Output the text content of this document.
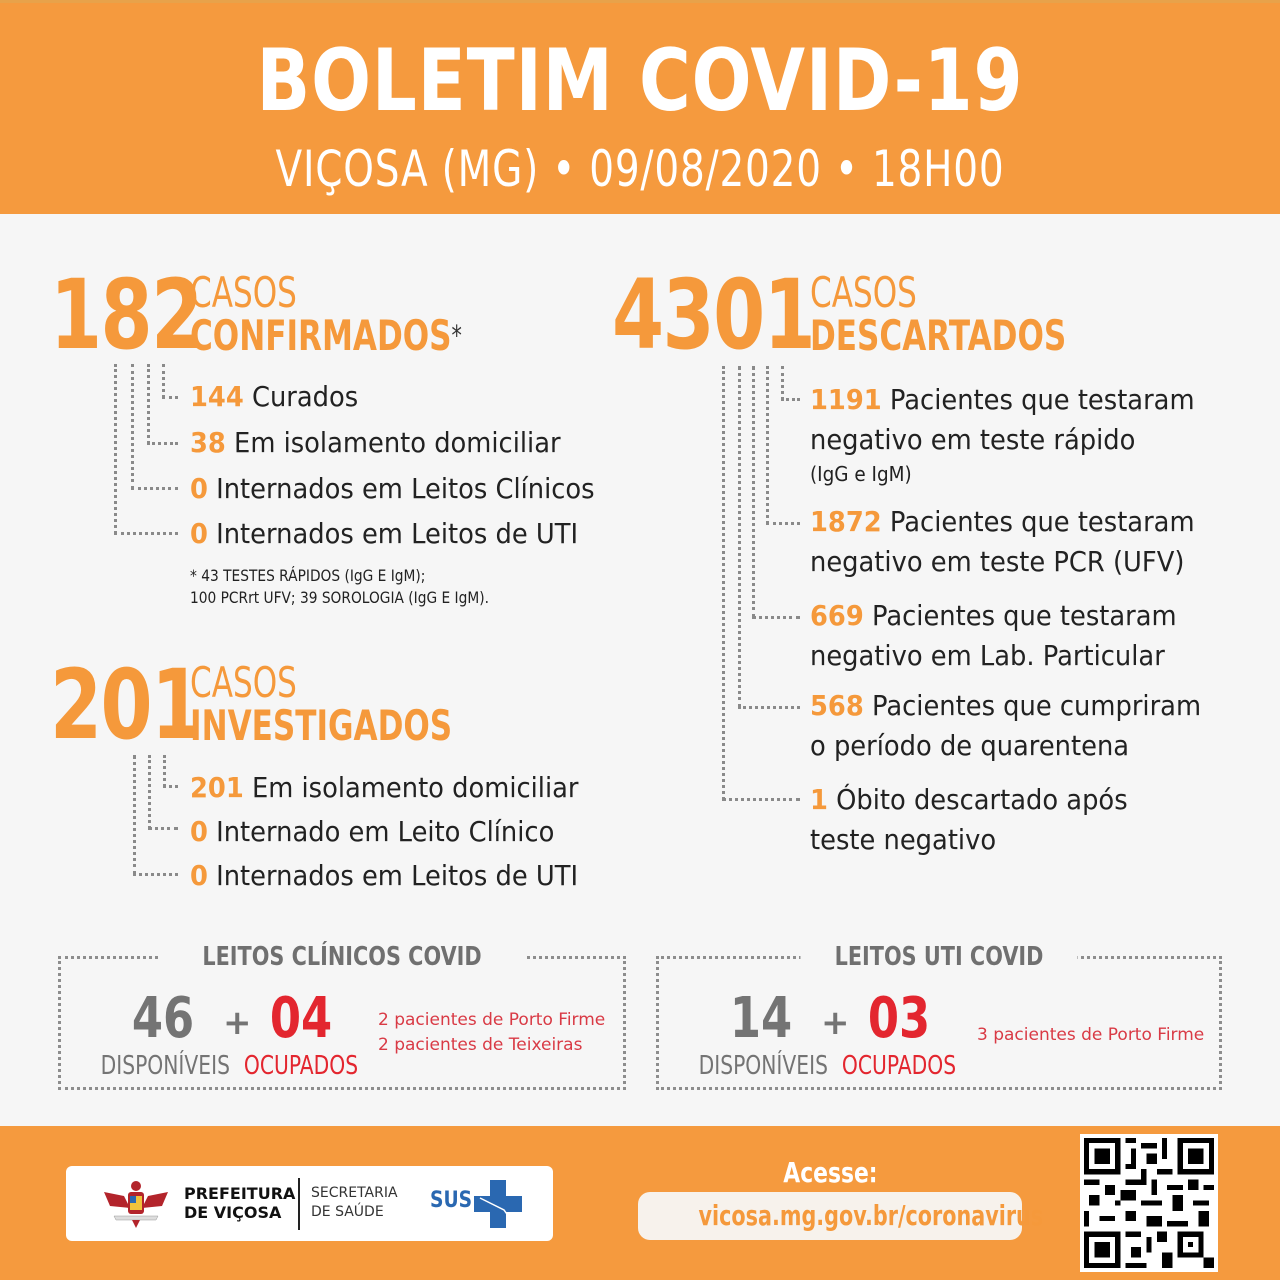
BOLETIM COVID-19
VIÇOSA (MG) • 09/08/2020 • 18H00
182
CASOS
CONFIRMADOS*
144 Curados
38 Em isolamento domiciliar
0 Internados em Leitos Clínicos
0 Internados em Leitos de UTI
* 43 TESTES RÁPIDOS (IgG E IgM);
100 PCRrt UFV; 39 SOROLOGIA (IgG E IgM).
201
CASOS
INVESTIGADOS
201 Em isolamento domiciliar
0 Internado em Leito Clínico
0 Internados em Leitos de UTI
4301
CASOS
DESCARTADOS
1191 Pacientes que testaram
negativo em teste rápido
(IgG e IgM)
1872 Pacientes que testaram
negativo em teste PCR (UFV)
669 Pacientes que testaram
negativo em Lab. Particular
568 Pacientes que cumpriram
o período de quarentena
1 Óbito descartado após
teste negativo
LEITOS CLÍNICOS COVID
46
DISPONÍVEIS
+ 04
OCUPADOS
2 pacientes de Porto Firme
2 pacientes de Teixeiras
LEITOS UTI COVID
14
DISPONÍVEIS
+ 03
OCUPADOS
3 pacientes de Porto Firme
PREFEITURA
DE VIÇOSA
SECRETARIA
DE SAÚDE	SUS
Acesse:
vicosa.mg.gov.br/coronavirus
